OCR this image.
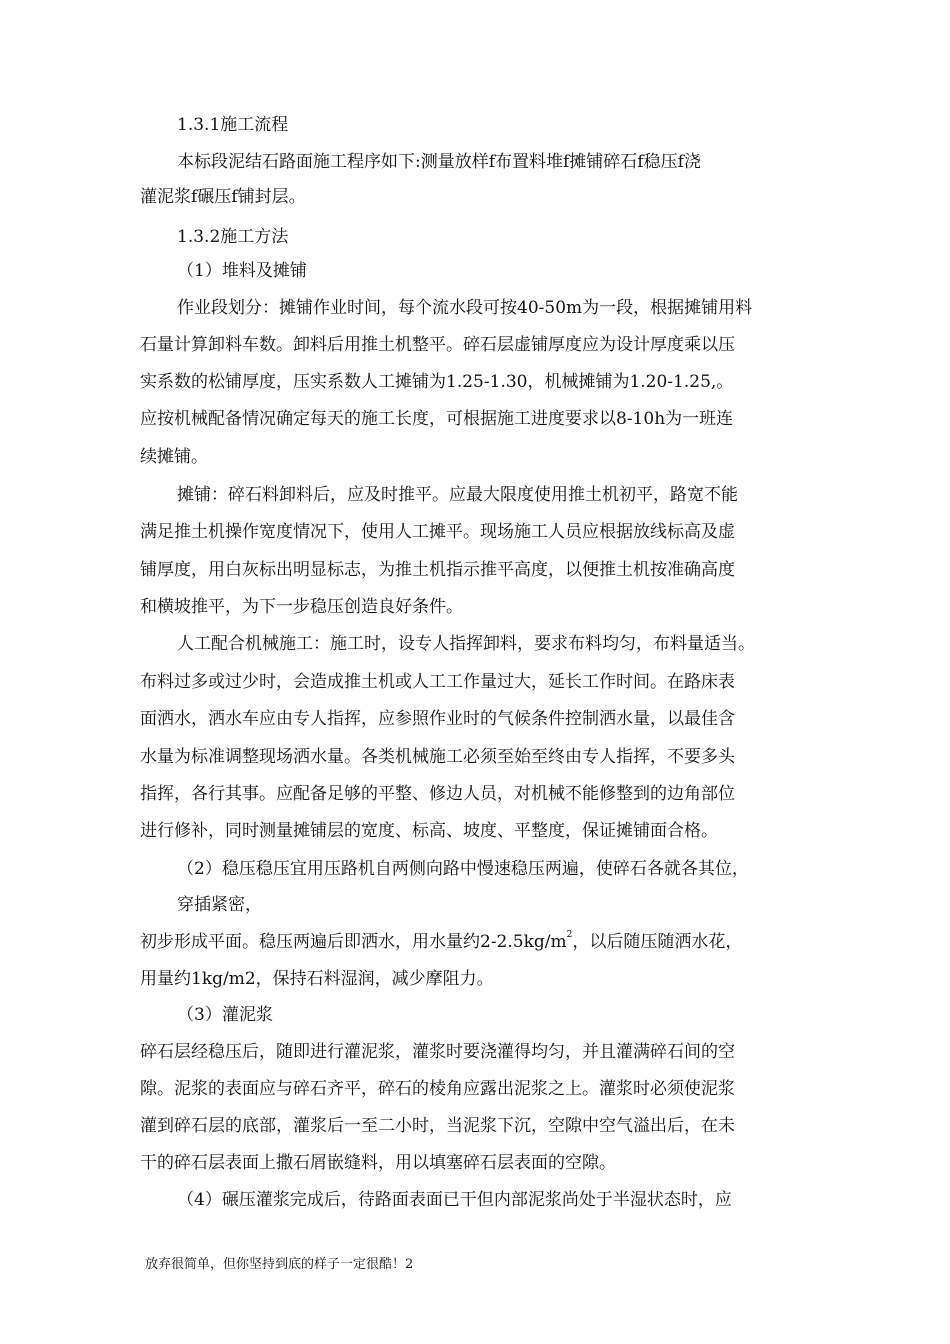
1.3.1施工流程
本标段泥结石路面施工程序如下:测量放样f布置料堆f摊铺碎石f稳压f浇
灌泥浆f碾压f铺封层。
1.3.2施工方法
（1）堆料及摊铺
作业段划分：摊铺作业时间，每个流水段可按40-50m为一段，根据摊铺用料
石量计算卸料车数。卸料后用推土机整平。碎石层虚铺厚度应为设计厚度乘以压
实系数的松铺厚度，压实系数人工摊铺为1.25-1.30，机械摊铺为1.20-1.25,。
应按机械配备情况确定每天的施工长度，可根据施工进度要求以8-10h为一班连
续摊铺。
摊铺：碎石料卸料后，应及时推平。应最大限度使用推土机初平，路宽不能
满足推土机操作宽度情况下，使用人工摊平。现场施工人员应根据放线标高及虚
铺厚度，用白灰标出明显标志，为推土机指示推平高度，以便推土机按准确高度
和横坡推平，为下一步稳压创造良好条件。
人工配合机械施工：施工时，设专人指挥卸料，要求布料均匀，布料量适当。
布料过多或过少时，会造成推土机或人工工作量过大，延长工作时间。在路床表
面洒水，洒水车应由专人指挥，应参照作业时的气候条件控制洒水量，以最佳含
水量为标准调整现场洒水量。各类机械施工必须至始至终由专人指挥，不要多头
指挥，各行其事。应配备足够的平整、修边人员，对机械不能修整到的边角部位
进行修补，同时测量摊铺层的宽度、标高、坡度、平整度，保证摊铺面合格。
（2）稳压稳压宜用压路机自两侧向路中慢速稳压两遍，使碎石各就各其位，
穿插紧密，
初步形成平面。稳压两遍后即洒水，用水量约$2-2.5kg/m^2$，以后随压随洒水花，
用量约1kg/m2，保持石料湿润，减少摩阻力。
（3）灌泥浆
碎石层经稳压后，随即进行灌泥浆，灌浆时要浇灌得均匀，并且灌满碎石间的空
隙。泥浆的表面应与碎石齐平，碎石的棱角应露出泥浆之上。灌浆时必须使泥浆
灌到碎石层的底部，灌浆后一至二小时，当泥浆下沉，空隙中空气溢出后，在未
干的碎石层表面上撒石屑嵌缝料，用以填塞碎石层表面的空隙。
（4）碾压灌浆完成后，待路面表面已干但内部泥浆尚处于半湿状态时，应
放弃很简单，但你坚持到底的样子一定很酷！2
